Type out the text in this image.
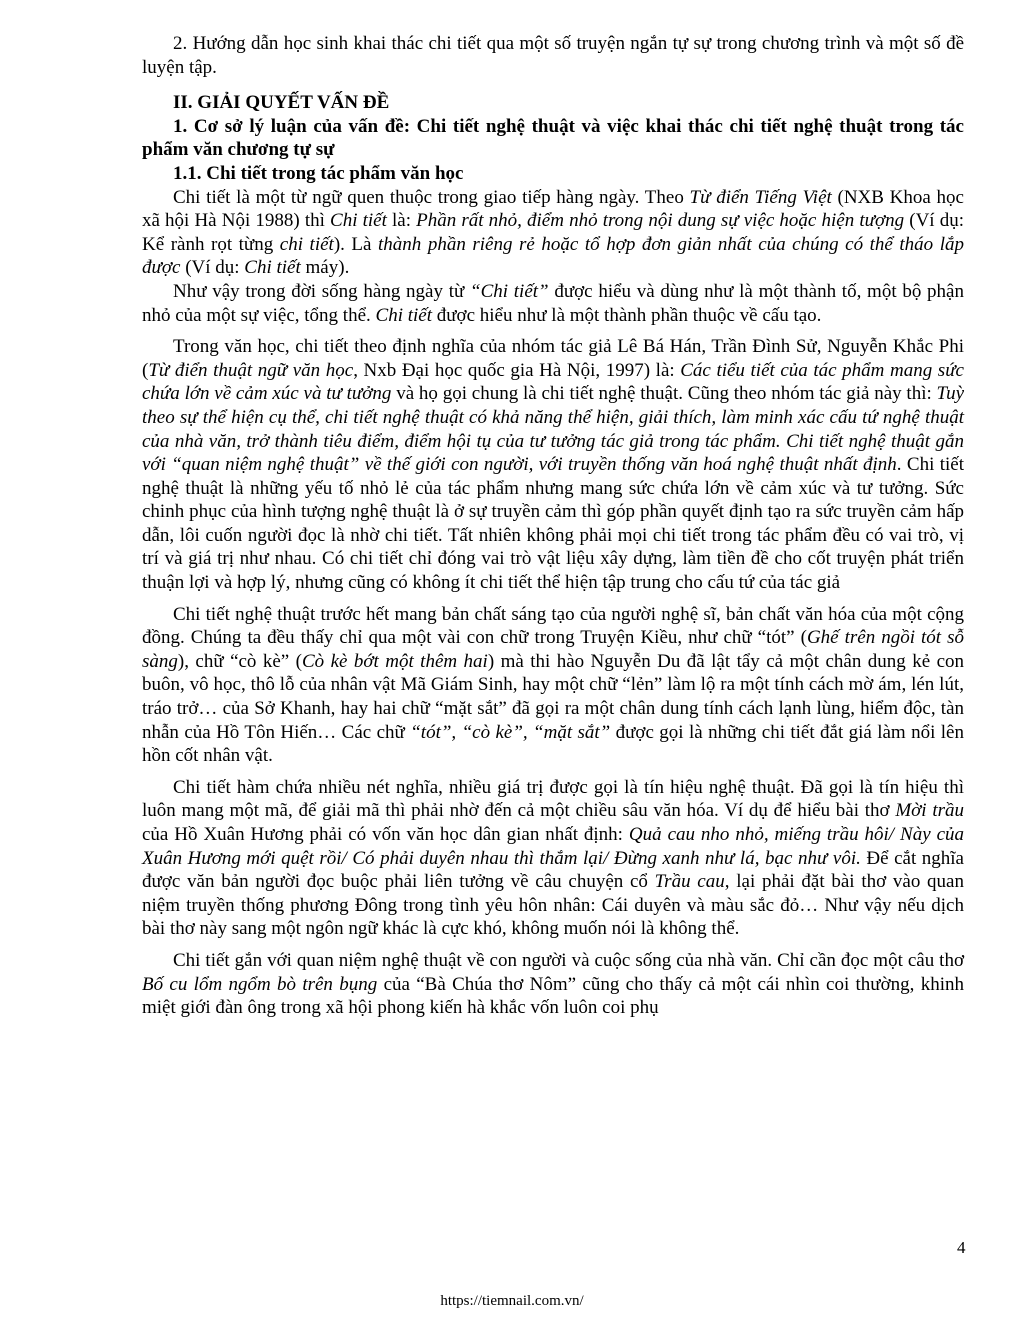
2. Hướng dẫn học sinh khai thác chi tiết qua một số truyện ngắn tự sự trong chương trình và một số đề luyện tập.

II. GIẢI QUYẾT VẤN ĐỀ

1. Cơ sở lý luận của vấn đề: Chi tiết nghệ thuật và việc khai thác chi tiết nghệ thuật trong tác phẩm văn chương tự sự

1.1. Chi tiết trong tác phẩm văn học

Chi tiết là một từ ngữ quen thuộc trong giao tiếp hàng ngày. Theo Từ điển Tiếng Việt (NXB Khoa học xã hội Hà Nội 1988) thì Chi tiết là: Phần rất nhỏ, điểm nhỏ trong nội dung sự việc hoặc hiện tượng (Ví dụ: Kể rành rọt từng chi tiết). Là thành phần riêng rẻ hoặc tổ hợp đơn giản nhất của chúng có thể tháo lắp được (Ví dụ: Chi tiết máy).

Như vậy trong đời sống hàng ngày từ “Chi tiết” được hiểu và dùng như là một thành tố, một bộ phận nhỏ của một sự việc, tổng thể. Chi tiết được hiểu như là một thành phần thuộc về cấu tạo.

Trong văn học, chi tiết theo định nghĩa của nhóm tác giả Lê Bá Hán, Trần Đình Sử, Nguyễn Khắc Phi (Từ điển thuật ngữ văn học, Nxb Đại học quốc gia Hà Nội, 1997) là: Các tiểu tiết của tác phẩm mang sức chứa lớn về cảm xúc và tư tưởng và họ gọi chung là chi tiết nghệ thuật. Cũng theo nhóm tác giả này thì: Tuỳ theo sự thể hiện cụ thể, chi tiết nghệ thuật có khả năng thể hiện, giải thích, làm minh xác cấu tứ nghệ thuật của nhà văn, trở thành tiêu điểm, điểm hội tụ của tư tưởng tác giả trong tác phẩm. Chi tiết nghệ thuật gắn với “quan niệm nghệ thuật” về thế giới con người, với truyền thống văn hoá nghệ thuật nhất định. Chi tiết nghệ thuật là những yếu tố nhỏ lẻ của tác phẩm nhưng mang sức chứa lớn về cảm xúc và tư tưởng. Sức chinh phục của hình tượng nghệ thuật là ở sự truyền cảm thì góp phần quyết định tạo ra sức truyền cảm hấp dẫn, lôi cuốn người đọc là nhờ chi tiết. Tất nhiên không phải mọi chi tiết trong tác phẩm đều có vai trò, vị trí và giá trị như nhau. Có chi tiết chỉ đóng vai trò vật liệu xây dựng, làm tiền đề cho cốt truyện phát triển thuận lợi và hợp lý, nhưng cũng có không ít chi tiết thể hiện tập trung cho cấu tứ của tác giả

Chi tiết nghệ thuật trước hết mang bản chất sáng tạo của người nghệ sĩ, bản chất văn hóa của một cộng đồng. Chúng ta đều thấy chỉ qua một vài con chữ trong Truyện Kiều, như chữ “tót” (Ghế trên ngồi tót sỗ sàng), chữ “cò kè” (Cò kè bớt một thêm hai) mà thi hào Nguyễn Du đã lật tẩy cả một chân dung kẻ con buôn, vô học, thô lỗ của nhân vật Mã Giám Sinh, hay một chữ “lẻn” làm lộ ra một tính cách mờ ám, lén lút, tráo trở… của Sở Khanh, hay hai chữ “mặt sắt” đã gọi ra một chân dung tính cách lạnh lùng, hiểm độc, tàn nhẫn của Hồ Tôn Hiến… Các chữ “tót”, “cò kè”, “mặt sắt” được gọi là những chi tiết đắt giá làm nổi lên hồn cốt nhân vật.

Chi tiết hàm chứa nhiều nét nghĩa, nhiều giá trị được gọi là tín hiệu nghệ thuật. Đã gọi là tín hiệu thì luôn mang một mã, để giải mã thì phải nhờ đến cả một chiều sâu văn hóa. Ví dụ để hiểu bài thơ Mời trầu của Hồ Xuân Hương phải có vốn văn học dân gian nhất định: Quả cau nho nhỏ, miếng trầu hôi/ Này của Xuân Hương mới quệt rồi/ Có phải duyên nhau thì thắm lại/ Đừng xanh như lá, bạc như vôi. Để cắt nghĩa được văn bản người đọc buộc phải liên tưởng về câu chuyện cổ Trầu cau, lại phải đặt bài thơ vào quan niệm truyền thống phương Đông trong tình yêu hôn nhân: Cái duyên và màu sắc đỏ… Như vậy nếu dịch bài thơ này sang một ngôn ngữ khác là cực khó, không muốn nói là không thể.

Chi tiết gắn với quan niệm nghệ thuật về con người và cuộc sống của nhà văn. Chỉ cần đọc một câu thơ Bố cu lổm ngổm bò trên bụng của “Bà Chúa thơ Nôm” cũng cho thấy cả một cái nhìn coi thường, khinh miệt giới đàn ông trong xã hội phong kiến hà khắc vốn luôn coi phụ

4
https://tiemnail.com.vn/
